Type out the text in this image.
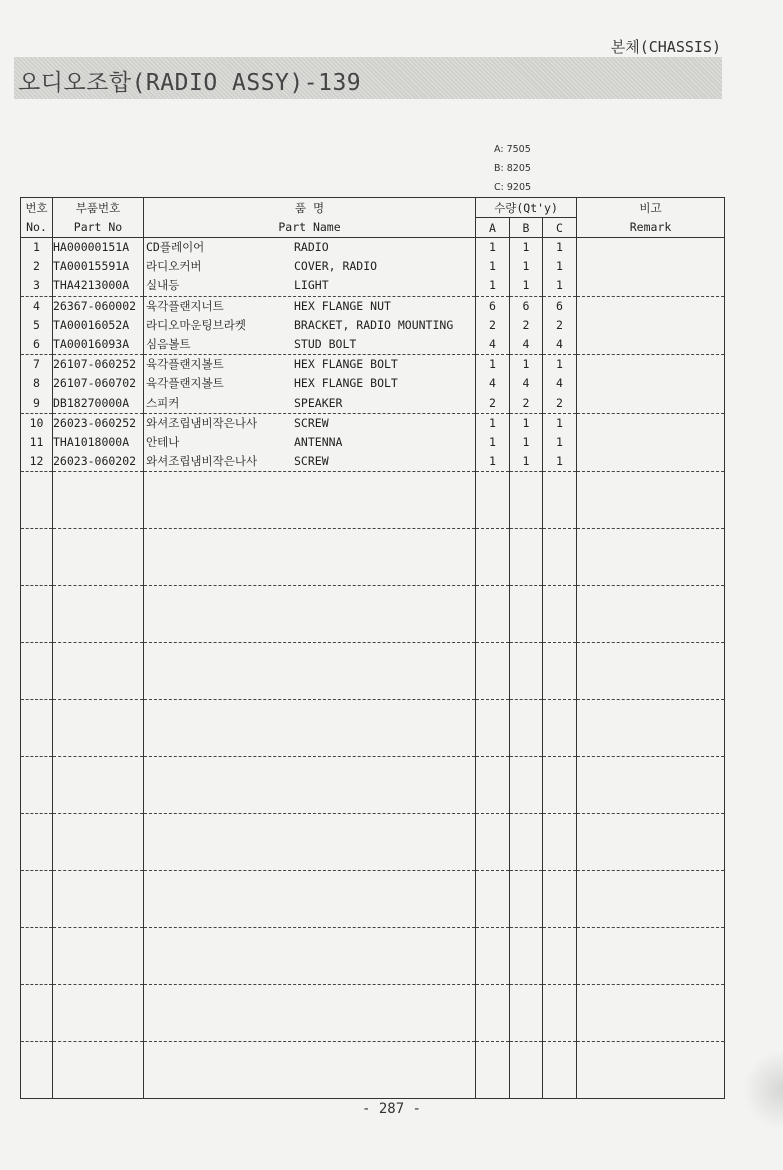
본체(CHASSIS)
오디오조합(RADIO ASSY)-139
A: 7505
B: 8205
C: 9205
번호	부품번호	품 명	수량(Qt'y)			비고
No.	Part No	Part Name	A	B	C	Remark
1	HA00000151A	CD플레이어 RADIO	1	1	1	
2	TA00015591A	라디오커버 COVER, RADIO	1	1	1	
3	THA4213000A	실내등 LIGHT	1	1	1	
4	26367-060002	육각플랜지너트 HEX FLANGE NUT	6	6	6	
5	TA00016052A	라디오마운팅브라켓 BRACKET, RADIO MOUNTING	2	2	2	
6	TA00016093A	심음볼트 STUD BOLT	4	4	4	
7	26107-060252	육각플랜지볼트 HEX FLANGE BOLT	1	1	1	
8	26107-060702	육각플랜지볼트 HEX FLANGE BOLT	4	4	4	
9	DB18270000A	스피커 SPEAKER	2	2	2	
10	26023-060252	와셔조립냄비작은나사 SCREW	1	1	1	
11	THA1018000A	안테나 ANTENNA	1	1	1	
12	26023-060202	와셔조립냄비작은나사 SCREW	1	1	1	

- 287 -
